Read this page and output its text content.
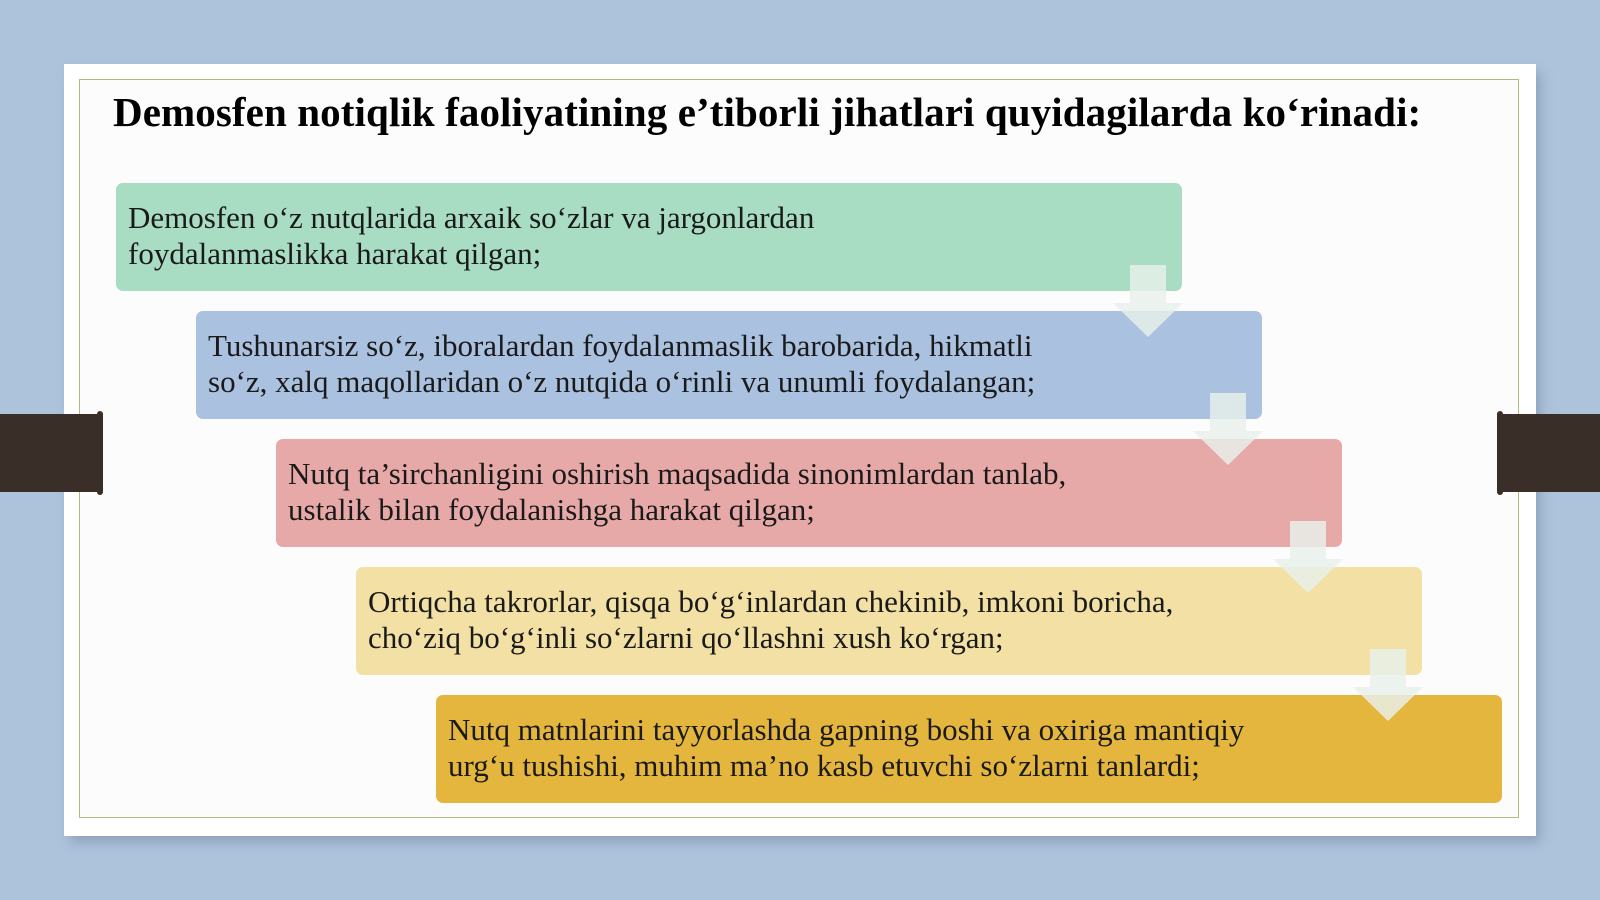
Demosfen notiqlik faoliyatining e’tiborli jihatlari quyidagilarda ko‘rinadi:
Demosfen o‘z nutqlarida arxaik so‘zlar va jargonlardan
foydalanmaslikka harakat qilgan;
Tushunarsiz so‘z, iboralardan foydalanmaslik barobarida, hikmatli
so‘z, xalq maqollaridan o‘z nutqida o‘rinli va unumli foydalangan;
Nutq ta’sirchanligini oshirish maqsadida sinonimlardan tanlab,
ustalik bilan foydalanishga harakat qilgan;
Ortiqcha takrorlar, qisqa bo‘g‘inlardan chekinib, imkoni boricha,
cho‘ziq bo‘g‘inli so‘zlarni qo‘llashni xush ko‘rgan;
Nutq matnlarini tayyorlashda gapning boshi va oxiriga mantiqiy
urg‘u tushishi, muhim ma’no kasb etuvchi so‘zlarni tanlardi;
